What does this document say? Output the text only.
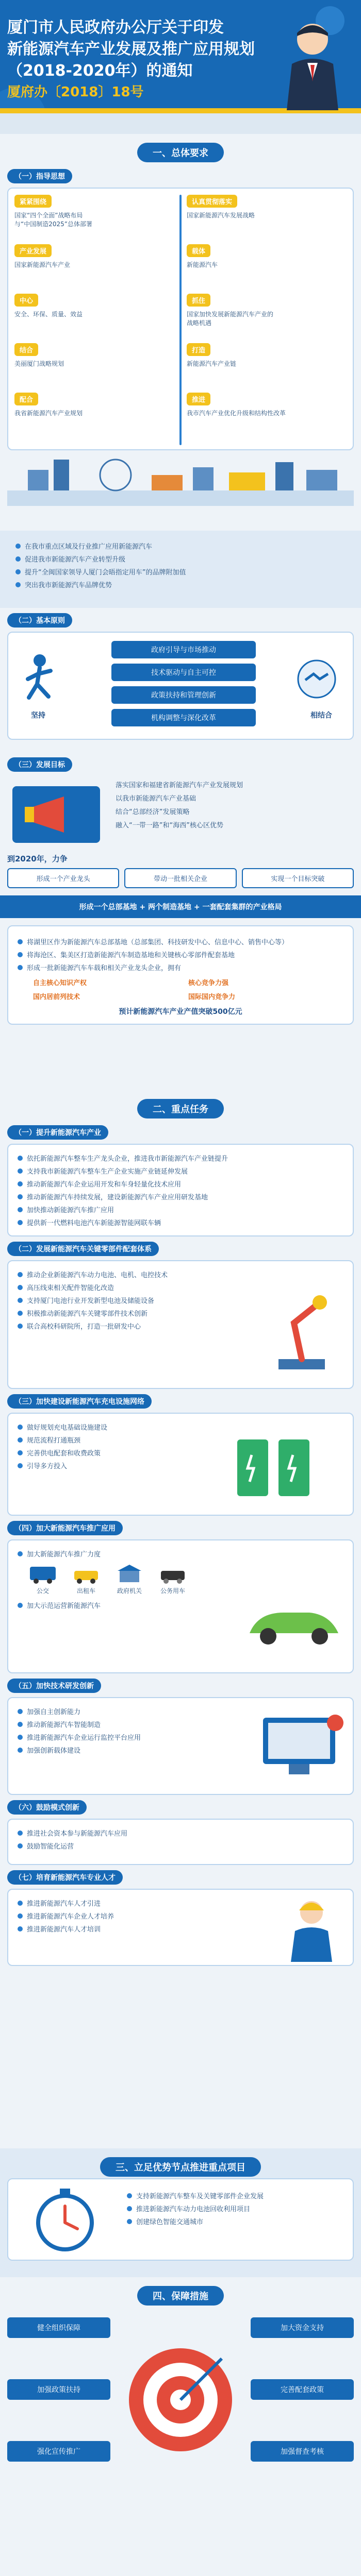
厦门市人民政府办公厅关于印发
新能源汽车产业发展及推广应用规划
（2018-2020年）的通知
厦府办〔2018〕18号
一、总体要求
（一）指导思想
紧紧围绕
国家“四个全面”战略布局
与“中国制造2025”总体部署
产业发展
国家新能源汽车产业
中心
安全、环保、质量、效益
结合
美丽厦门战略规划
配合
我省新能源汽车产业规划
认真贯彻落实
国家新能源汽车发展战略
载体
新能源汽车
抓住
国家加快发展新能源汽车产业的
战略机遇
打造
新能源汽车产业链
推进
我市汽车产业优化升级和结构性改革
在我市重点区域及行业推广应用新能源汽车
促进我市新能源汽车产业转型升级
提升“全闽国家领导人厦门会晤指定用车”的品牌附加值
突出我市新能源汽车品牌优势
（二）基本原则
坚持
政府引导与市场推动
技术驱动与自主可控
政策扶持和管理创新
机构调整与深化改革	相结合
（三）发展目标
落实国家和福建省新能源汽车产业发展规划
以我市新能源汽车产业基础
结合“总部经济”发展策略
融入“一带一路”和“海西”核心区优势
到2020年，力争
形成一个产业龙头	带动一批相关企业	实现一个目标突破
形成一个总部基地 + 两个制造基地 + 一套配套集群的产业格局
将湖里区作为新能源汽车总部基地（总部集团、科技研发中心、信息中心、销售中心等）
将海沧区、集美区打造新能源汽车制造基地和关键核心零部件配套基地
形成一批新能源汽车车载和相关产业龙头企业，拥有
自主核心知识产权	核心竞争力强
国内居前列技术	国际国内竞争力
预计新能源汽车产业产值突破500亿元
二、重点任务
（一）提升新能源汽车产业
依托新能源汽车整车生产龙头企业，推进我市新能源汽车产业链提升
支持我市新能源汽车整车生产企业实施产业链延伸发展
推动新能源汽车企业运用开发和车身轻量化技术应用
推动新能源汽车持续发展，建设新能源汽车产业应用研发基地
加快推动新能源汽车推广应用
提供新一代燃料电池汽车新能源智能网联车辆
（二）发展新能源汽车关键零部件配套体系
推动企业新能源汽车动力电池、电机、电控技术
高压线束相关配件智能化改造
支持厦门电池行业开发新型电池及储能设备
积极推动新能源汽车关键零部件技术创新
联合高校科研院所，打造一批研发中心
（三）加快建设新能源汽车充电设施网络
做好规划充电基础设施建设
规范流程打通瓶颈
完善供电配套和收费政策
引导多方投入
（四）加大新能源汽车推广应用
加大新能源汽车推广力度
公交	出租车	政府机关	公务用车
加大示范运营新能源汽车
（五）加快技术研发创新
加强自主创新能力
推动新能源汽车智能制造
推进新能源汽车企业运行监控平台应用
加强创新载体建设
（六）鼓励模式创新
推进社会资本参与新能源汽车应用
鼓励智能化运营
（七）培育新能源汽车专业人才
推进新能源汽车人才引进
推进新能源汽车企业人才培养
推进新能源汽车人才培训
三、立足优势节点推进重点项目
支持新能源汽车整车及关键零部件企业发展
推进新能源汽车动力电池回收利用项目
创建绿色智能交通城市
四、保障措施
健全组织保障
加强政策扶持
强化宣传推广
加大资金支持
完善配套政策
加强督查考核
